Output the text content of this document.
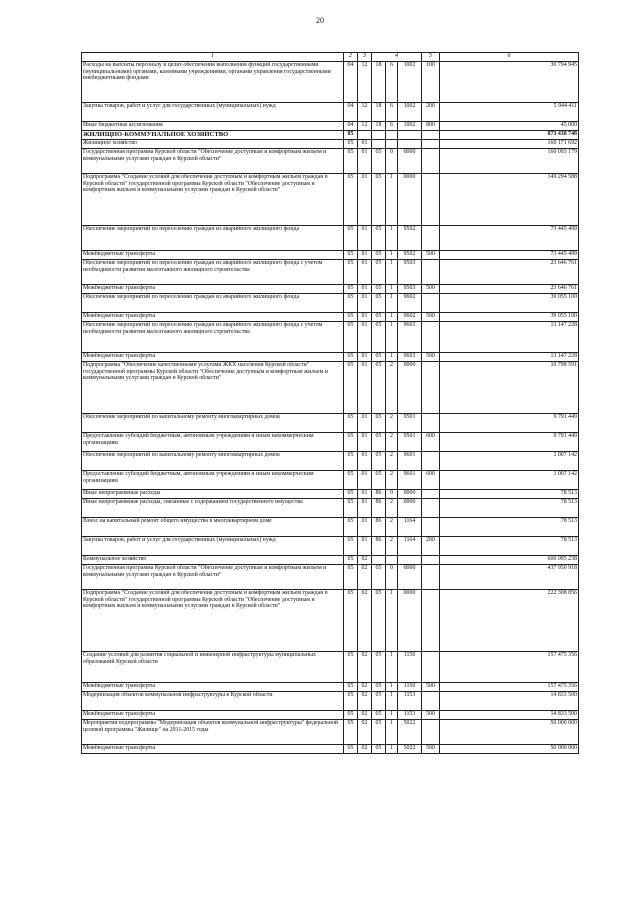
20
1	2	3	4			5	6
Расходы на выплаты персоналу в целях обеспечения выполнения функций государственными (муниципальными) органами, казенными учреждениями, органами управления государственными внебюджетными фондами	04	12	18	6	1002	100	36 794 945
Закупка товаров, работ и услуг для государственных (муниципальных) нужд	04	12	18	6	1002	200	5 944 411
Иные бюджетные ассигнования	04	12	18	6	1002	800	45 000
ЖИЛИЩНО-КОММУНАЛЬНОЕ ХОЗЯЙСТВО	05						873 438 748
Жилищное хозяйство	05	01					160 171 692
Государственная программа Курской области "Обеспечение доступным и комфортным жильем и коммунальными услугами граждан в Курской области"	05	01	05	0	0000		160 093 179
Подпрограмма "Создание условий для обеспечения доступным и комфортным жильем граждан в Курской области" государственной программы Курской области "Обеспечение доступным и комфортным жильем и коммунальными услугами граждан в Курской области"	05	01	05	1	0000		149 294 588
Обеспечение мероприятий по переселению граждан из аварийного жилищного фонда	05	01	05	1	9502		73 445 499
Межбюджетные трансферты	05	01	05	1	9502	500	73 445 499
Обеспечение мероприятий по переселению граждан из аварийного жилищного фонда с учетом необходимости развития малоэтажного жилищного строительства	05	01	05	1	9503		23 646 761
Межбюджетные трансферты	05	01	05	1	9503	500	23 646 761
Обеспечение мероприятий по переселению граждан из аварийного жилищного фонда	05	01	05	1	9602		39 055 100
Межбюджетные трансферты	05	01	05	1	9602	500	39 055 100
Обеспечение мероприятий по переселению граждан из аварийного жилищного фонда с учетом необходимости развития малоэтажного жилищного строительства	05	01	05	1	9603		13 147 228
Межбюджетные трансферты	05	01	05	1	9603	500	13 147 228
Подпрограмма "Обеспечение качественными услугами ЖКХ населения Курской области" государственной программы Курской области "Обеспечение доступным и комфортным жильем и коммунальными услугами граждан в Курской области"	05	01	05	2	0000		10 798 591
Обеспечение мероприятий по капитальному ремонту многоквартирных домов	05	01	05	2	9501		9 791 449
Предоставление субсидий бюджетным, автономным учреждениям и иным некоммерческим организациям	05	01	05	2	9501	600	9 791 449
Обеспечение мероприятий по капитальному ремонту многоквартирных домов	05	01	05	2	9601		1 007 142
Предоставление субсидий бюджетным, автономным учреждениям и иным некоммерческим организациям	05	01	05	2	9601	600	1 007 142
Иные непрограммные расходы	05	01	86	0	0000		78 513
Иные непрограммные расходы, связанные с содержанием государственного имущества	05	01	86	2	0000		78 513
Взнос на капитальный ремонт общего имущества в многоквартирном доме	05	01	86	2	1164		78 513
Закупка товаров, работ и услуг для государственных (муниципальных) нужд	05	01	86	2	1164	200	78 513
Коммунальное хозяйство	05	02					600 095 238
Государственная программа Курской области "Обеспечение доступным и комфортным жильем и коммунальными услугами граждан в Курской области"	05	02	05	0	0000		437 950 918
Подпрограмма "Создание условий для обеспечения доступным и комфортным жильем граждан в Курской области" государственной программы Курской области "Обеспечение доступным и комфортным жильем и коммунальными услугами граждан в Курской области"	05	02	05	1	0000		222 308 856
Создание условий для развития социальной и инженерной инфраструктуры муниципальных образований Курской области	05	02	05	1	1150		157 475 356
Межбюджетные трансферты	05	02	05	1	1150	500	157 475 356
Модернизация объектов коммунальной инфраструктуры в Курской области	05	02	05	1	1153		14 833 500
Межбюджетные трансферты	05	02	05	1	1153	500	14 833 500
Мероприятия подпрограммы "Модернизация объектов коммунальной инфраструктуры" федеральной целевой программы "Жилище" на 2011-2015 годы	05	02	05	1	5022		50 000 000
Межбюджетные трансферты	05	02	05	1	5022	500	50 000 000
